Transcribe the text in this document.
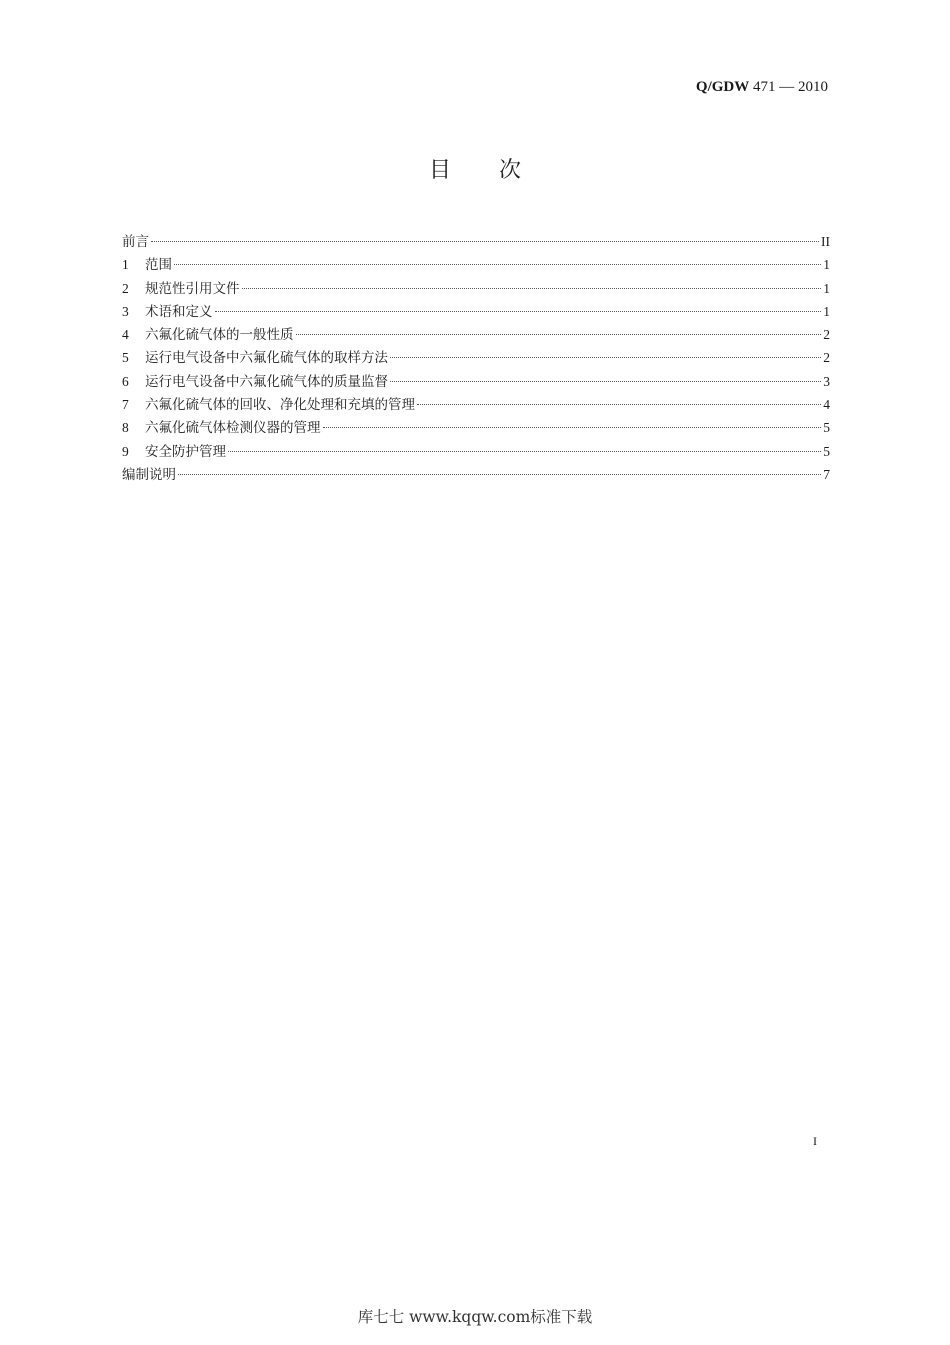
Q/GDW 471 — 2010
目 次
前言	II
1	范围	1
2	规范性引用文件	1
3	术语和定义	1
4	六氟化硫气体的一般性质	2
5	运行电气设备中六氟化硫气体的取样方法	2
6	运行电气设备中六氟化硫气体的质量监督	3
7	六氟化硫气体的回收、净化处理和充填的管理	4
8	六氟化硫气体检测仪器的管理	5
9	安全防护管理	5
编制说明	7
I
库七七 www.kqqw.com标准下载
